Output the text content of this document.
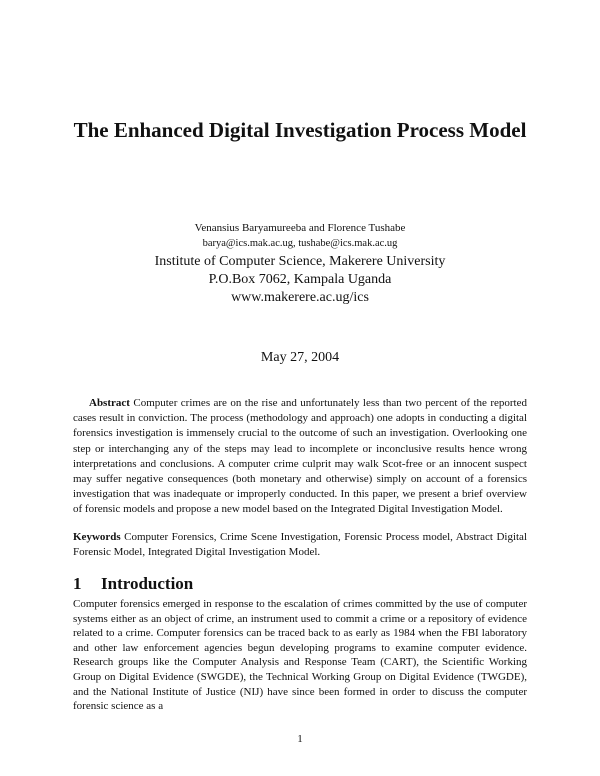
The Enhanced Digital Investigation Process Model
Venansius Baryamureeba and Florence Tushabe
barya@ics.mak.ac.ug, tushabe@ics.mak.ac.ug
Institute of Computer Science, Makerere University
P.O.Box 7062, Kampala Uganda
www.makerere.ac.ug/ics
May 27, 2004
Abstract Computer crimes are on the rise and unfortunately less than two percent of the reported cases result in conviction. The process (methodology and approach) one adopts in conducting a digital forensics investigation is immensely crucial to the outcome of such an investigation. Overlooking one step or interchanging any of the steps may lead to incomplete or inconclusive results hence wrong interpretations and conclusions. A computer crime culprit may walk Scot-free or an innocent suspect may suffer negative consequences (both monetary and otherwise) simply on account of a forensics investigation that was inadequate or improperly conducted. In this paper, we present a brief overview of forensic models and propose a new model based on the Integrated Digital Investigation Model.
Keywords Computer Forensics, Crime Scene Investigation, Forensic Process model, Abstract Digital Forensic Model, Integrated Digital Investigation Model.
1 Introduction
Computer forensics emerged in response to the escalation of crimes committed by the use of computer systems either as an object of crime, an instrument used to commit a crime or a repository of evidence related to a crime. Computer forensics can be traced back to as early as 1984 when the FBI laboratory and other law enforcement agencies begun developing programs to examine computer evidence. Research groups like the Computer Analysis and Response Team (CART), the Scientific Working Group on Digital Evidence (SWGDE), the Technical Working Group on Digital Evidence (TWGDE), and the National Institute of Justice (NIJ) have since been formed in order to discuss the computer forensic science as a
1
